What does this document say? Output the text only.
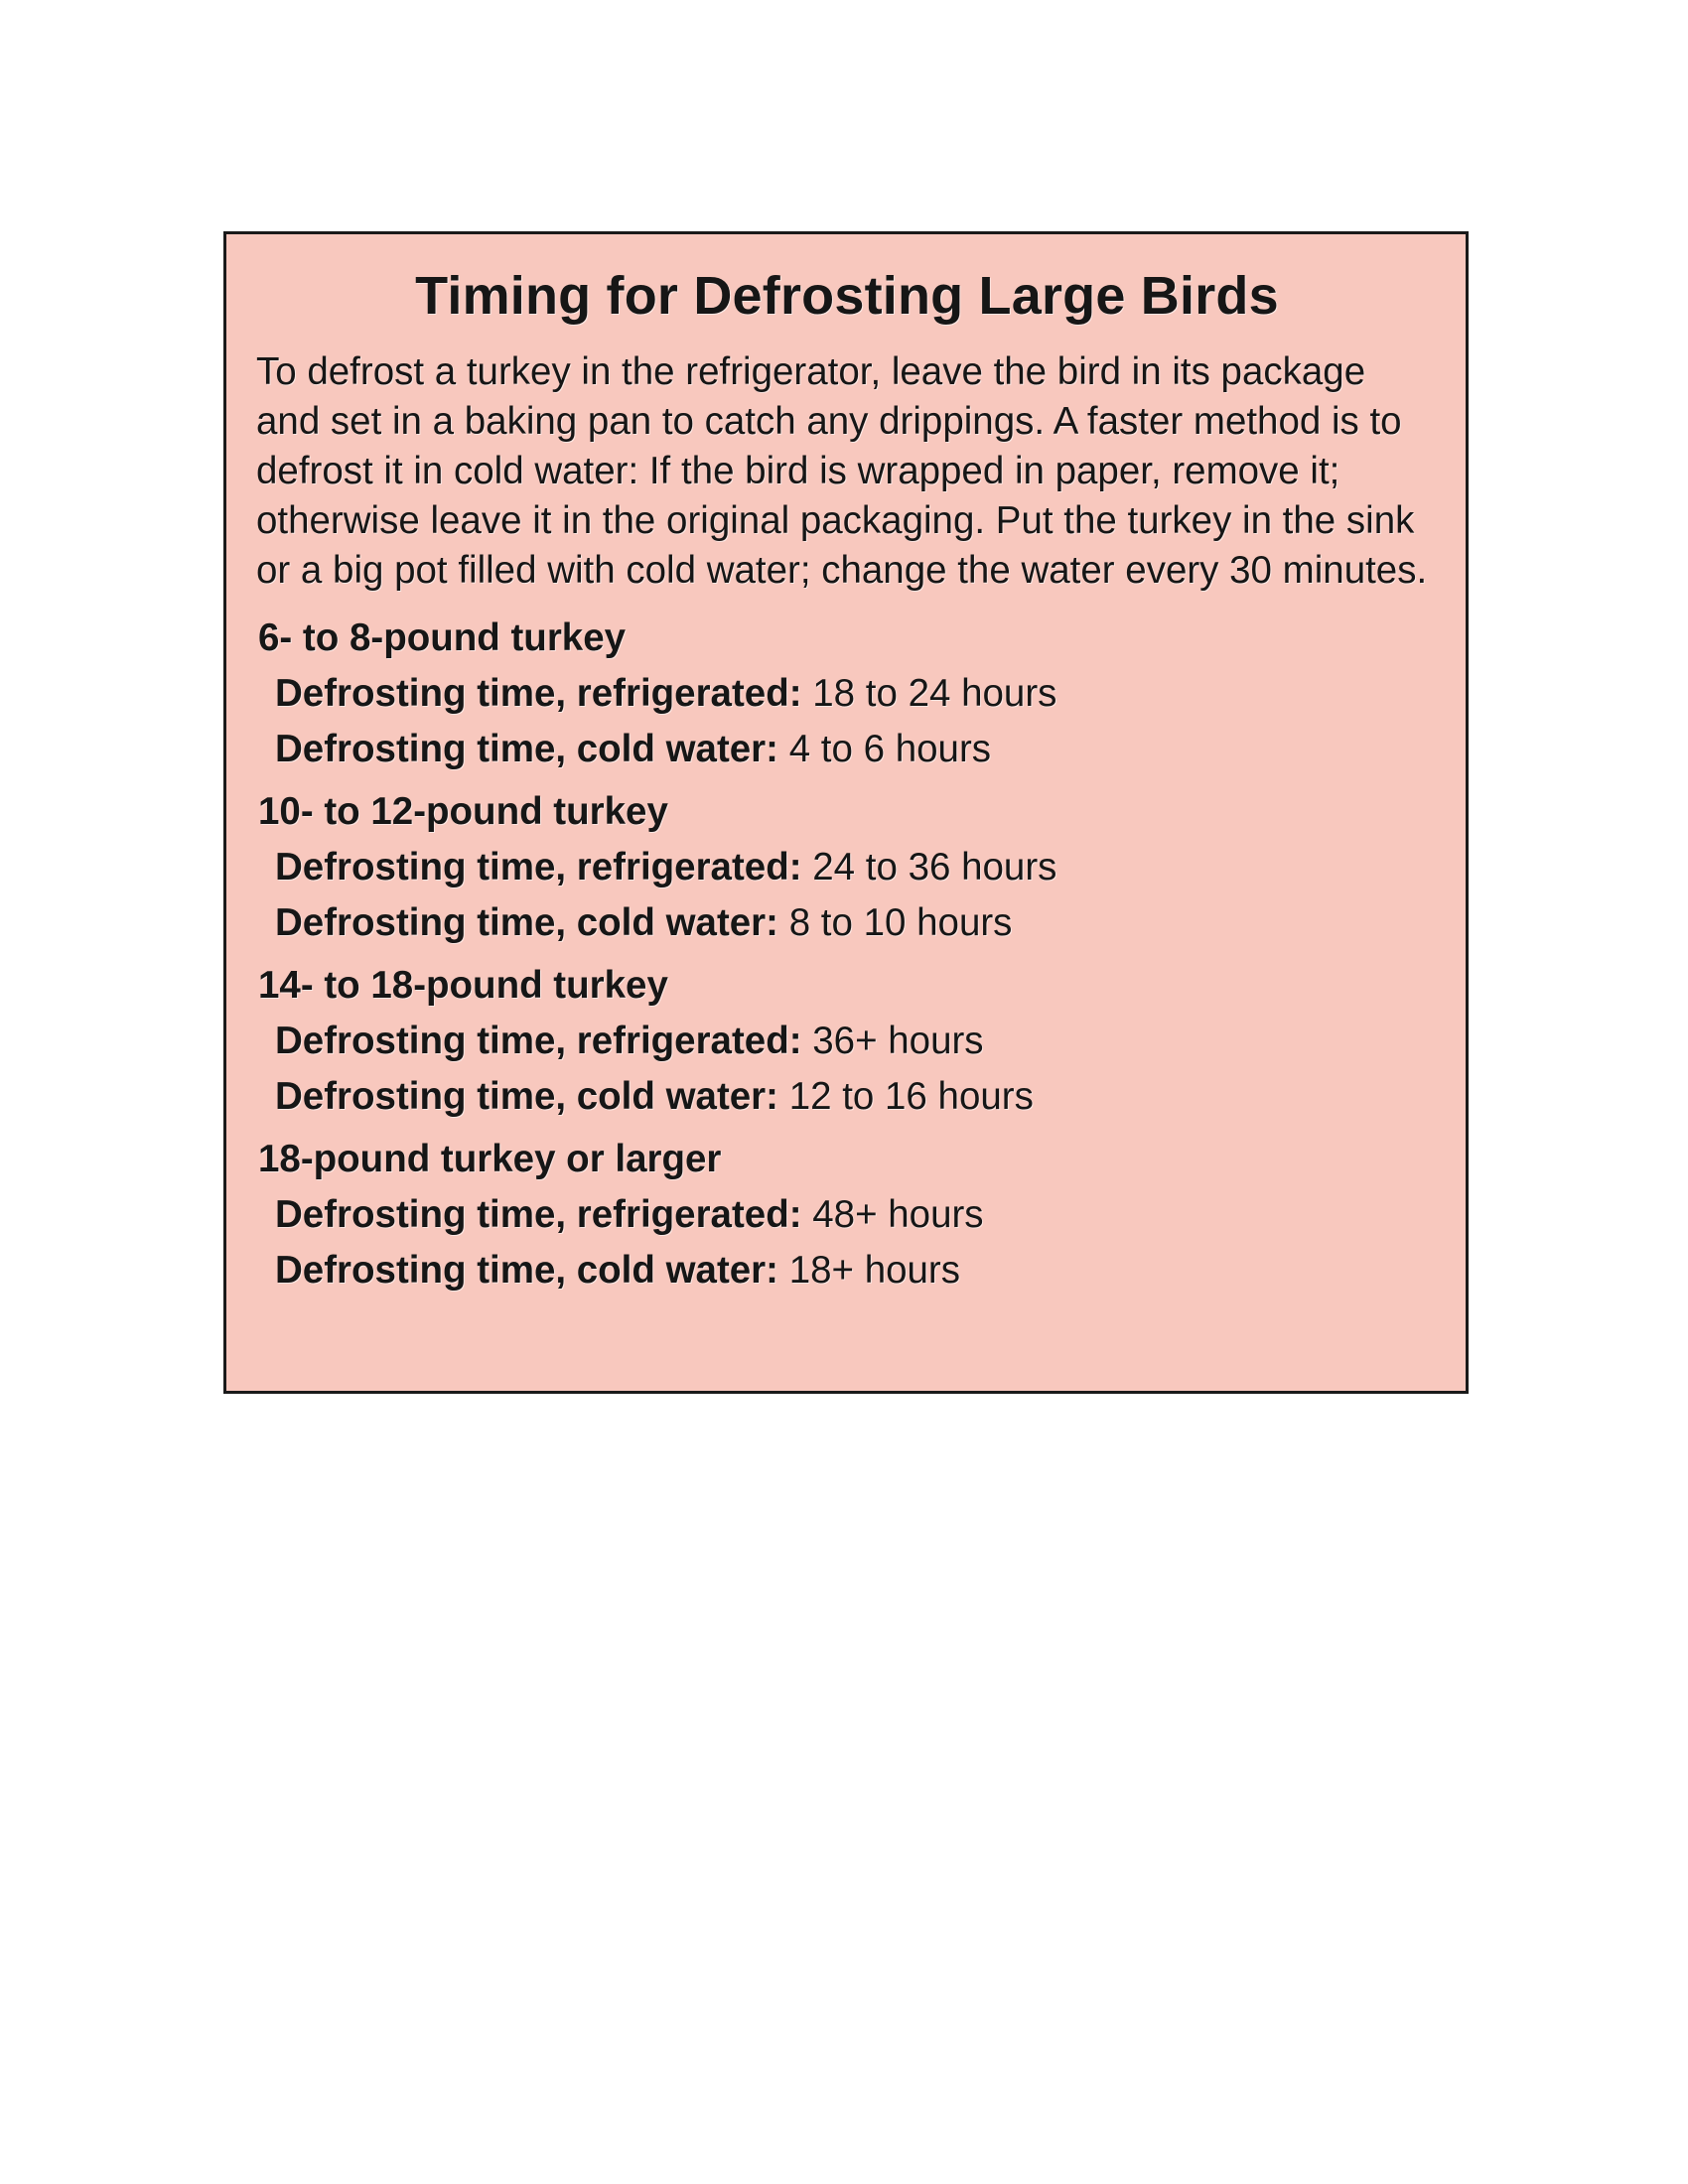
Timing for Defrosting Large Birds
To defrost a turkey in the refrigerator, leave the bird in its package and set in a baking pan to catch any drippings. A faster method is to defrost it in cold water: If the bird is wrapped in paper, remove it; otherwise leave it in the original packaging. Put the turkey in the sink or a big pot filled with cold water; change the water every 30 minutes.
6- to 8-pound turkey
Defrosting time, refrigerated: 18 to 24 hours
Defrosting time, cold water: 4 to 6 hours
10- to 12-pound turkey
Defrosting time, refrigerated: 24 to 36 hours
Defrosting time, cold water: 8 to 10 hours
14- to 18-pound turkey
Defrosting time, refrigerated: 36+ hours
Defrosting time, cold water: 12 to 16 hours
18-pound turkey or larger
Defrosting time, refrigerated: 48+ hours
Defrosting time, cold water: 18+ hours
